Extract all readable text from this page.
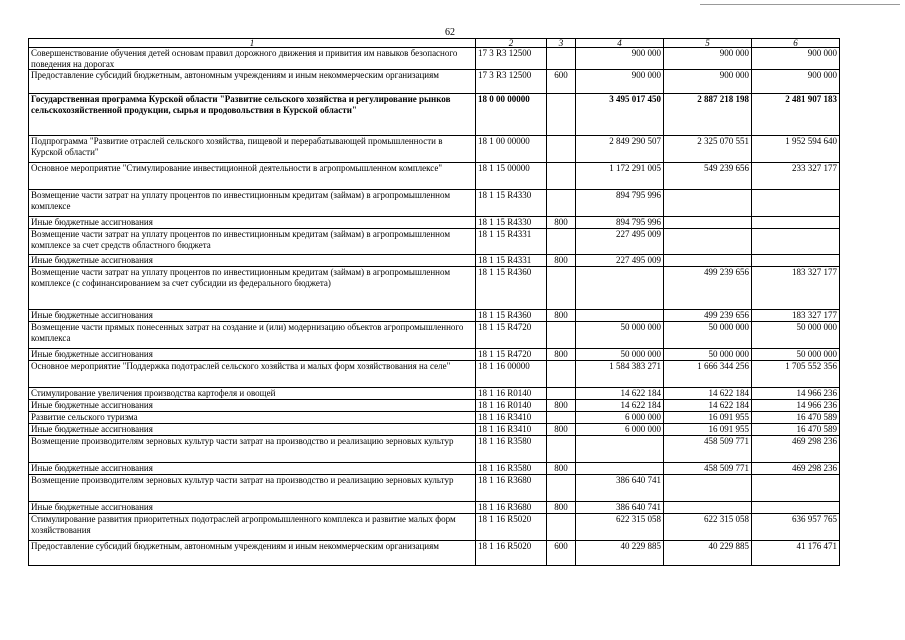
62
1	2	3	4	5	6
Совершенствование обучения детей основам правил дорожного движения и привития им навыков безопасного поведения на дорогах	17 3 R3 12500		900 000	900 000	900 000
Предоставление субсидий бюджетным, автономным учреждениям и иным некоммерческим организациям	17 3 R3 12500	600	900 000	900 000	900 000
Государственная программа Курской области "Развитие сельского хозяйства и регулирование рынков сельскохозяйственной продукции, сырья и продовольствия в Курской области"	18 0 00 00000		3 495 017 450	2 887 218 198	2 481 907 183
Подпрограмма "Развитие отраслей сельского хозяйства, пищевой и перерабатывающей промышленности в Курской области"	18 1 00 00000		2 849 290 507	2 325 070 551	1 952 594 640
Основное мероприятие "Стимулирование инвестиционной деятельности в агропромышленном комплексе"	18 1 15 00000		1 172 291 005	549 239 656	233 327 177
Возмещение части затрат на уплату процентов по инвестиционным кредитам (займам) в агропромышленном комплексе	18 1 15 R4330		894 795 996		
Иные бюджетные ассигнования	18 1 15 R4330	800	894 795 996		
Возмещение части затрат на уплату процентов по инвестиционным кредитам (займам) в агропромышленном комплексе за счет средств областного бюджета	18 1 15 R4331		227 495 009		
Иные бюджетные ассигнования	18 1 15 R4331	800	227 495 009		
Возмещение части затрат на уплату процентов по инвестиционным кредитам (займам) в агропромышленном комплексе (с софинансированием за счет субсидии из федерального бюджета)	18 1 15 R4360			499 239 656	183 327 177
Иные бюджетные ассигнования	18 1 15 R4360	800		499 239 656	183 327 177
Возмещение части прямых понесенных затрат на создание и (или) модернизацию объектов агропромышленного комплекса	18 1 15 R4720		50 000 000	50 000 000	50 000 000
Иные бюджетные ассигнования	18 1 15 R4720	800	50 000 000	50 000 000	50 000 000
Основное мероприятие "Поддержка подотраслей сельского хозяйства и малых форм хозяйствования на селе"	18 1 16 00000		1 584 383 271	1 666 344 256	1 705 552 356
Стимулирование увеличения производства картофеля и овощей	18 1 16 R0140		14 622 184	14 622 184	14 966 236
Иные бюджетные ассигнования	18 1 16 R0140	800	14 622 184	14 622 184	14 966 236
Развитие сельского туризма	18 1 16 R3410		6 000 000	16 091 955	16 470 589
Иные бюджетные ассигнования	18 1 16 R3410	800	6 000 000	16 091 955	16 470 589
Возмещение производителям зерновых культур части затрат на производство и реализацию зерновых культур	18 1 16 R3580			458 509 771	469 298 236
Иные бюджетные ассигнования	18 1 16 R3580	800		458 509 771	469 298 236
Возмещение производителям зерновых культур части затрат на производство и реализацию зерновых культур	18 1 16 R3680		386 640 741		
Иные бюджетные ассигнования	18 1 16 R3680	800	386 640 741		
Стимулирование развития приоритетных подотраслей агропромышленного комплекса и развитие малых форм хозяйствования	18 1 16 R5020		622 315 058	622 315 058	636 957 765
Предоставление субсидий бюджетным, автономным учреждениям и иным некоммерческим организациям	18 1 16 R5020	600	40 229 885	40 229 885	41 176 471
